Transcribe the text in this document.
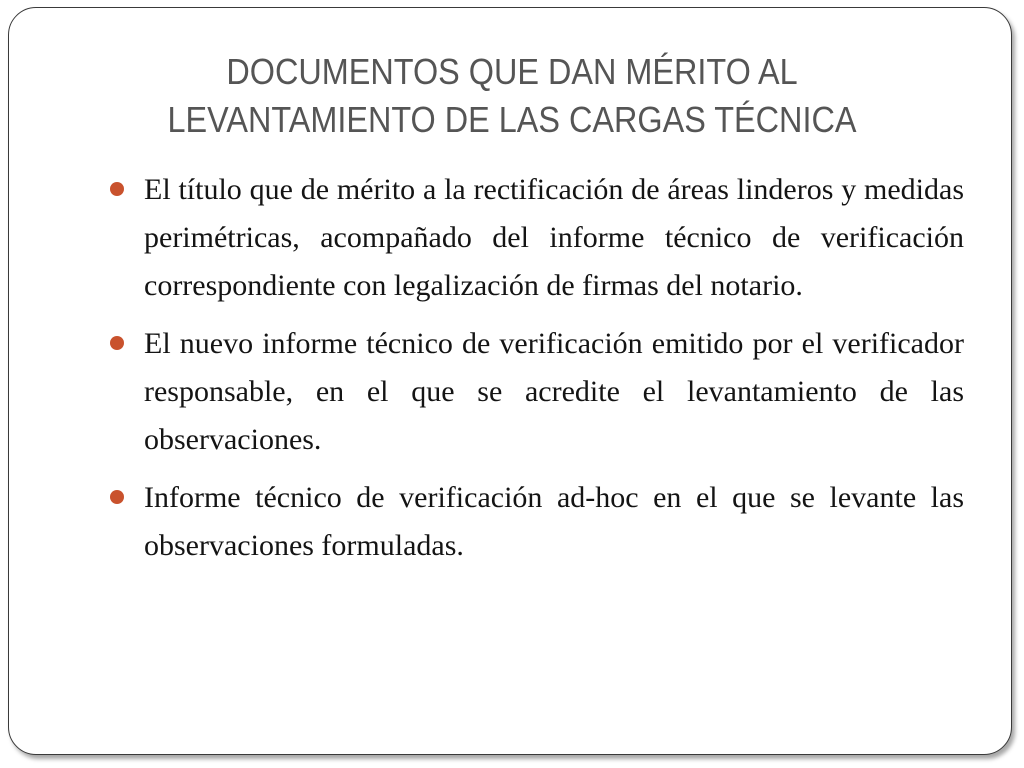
DOCUMENTOS QUE DAN MÉRITO AL
LEVANTAMIENTO DE LAS CARGAS TÉCNICA
El título que de mérito a la rectificación de áreas linderos y medidas perimétricas, acompañado del informe técnico de verificación correspondiente con legalización de firmas del notario.
El nuevo informe técnico de verificación emitido por el verificador responsable, en el que se acredite el levantamiento de las observaciones.
Informe técnico de verificación ad-hoc en el que se levante las observaciones formuladas.
